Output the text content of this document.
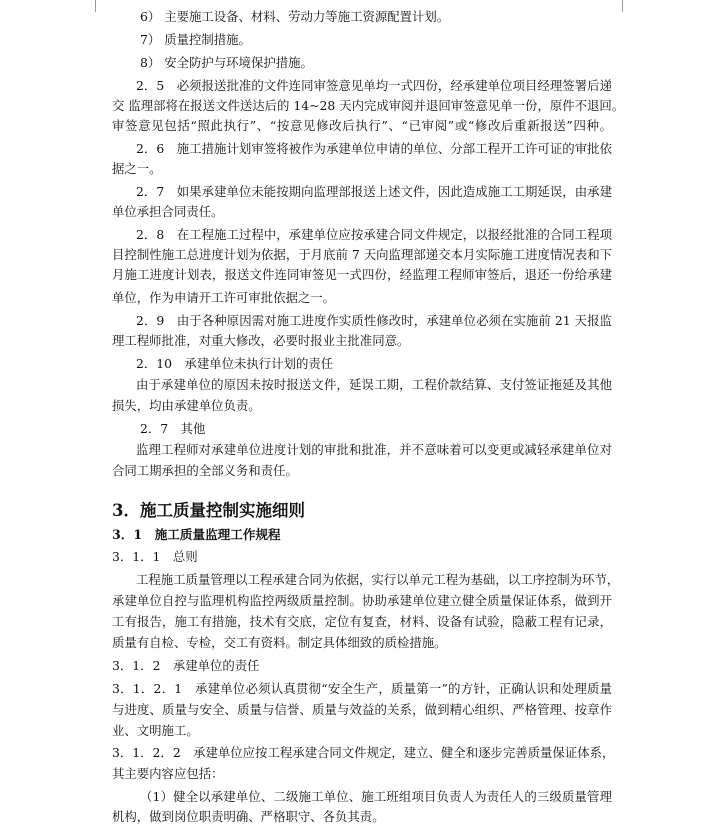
6） 主要施工设备、材料、劳动力等施工资源配置计划。
7） 质量控制措施。
8） 安全防护与环境保护措施。
2．5　必须报送批准的文件连同审签意见单均一式四份，经承建单位项目经理签署后递
交 监理部将在报送文件送达后的 14~28 天内完成审阅并退回审签意见单一份，原件不退回。
审签意见包括“照此执行”、“按意见修改后执行”、“已审阅”或“修改后重新报送”四种。
2．6　施工措施计划审签将被作为承建单位申请的单位、分部工程开工许可证的审批依
据之一。
2．7　如果承建单位未能按期向监理部报送上述文件，因此造成施工工期延误，由承建
单位承担合同责任。
2．8　在工程施工过程中，承建单位应按承建合同文件规定，以报经批准的合同工程项
目控制性施工总进度计划为依据，于月底前 7 天向监理部递交本月实际施工进度情况表和下
月施工进度计划表，报送文件连同审签见一式四份，经监理工程师审签后，退还一份给承建
单位，作为申请开工许可审批依据之一。
2．9　由于各种原因需对施工进度作实质性修改时，承建单位必须在实施前 21 天报监
理工程师批准，对重大修改，必要时报业主批准同意。
2．10　承建单位未执行计划的责任
由于承建单位的原因未按时报送文件，延误工期，工程价款结算、支付签证拖延及其他
损失，均由承建单位负责。
2．7　其他
监理工程师对承建单位进度计划的审批和批准，并不意味着可以变更或减轻承建单位对
合同工期承担的全部义务和责任。
3．施工质量控制实施细则
3．1　施工质量监理工作规程
3．1．1　总则
工程施工质量管理以工程承建合同为依据，实行以单元工程为基础，以工序控制为环节，
承建单位自控与监理机构监控两级质量控制。协助承建单位建立健全质量保证体系，做到开
工有报告，施工有措施，技术有交底，定位有复查，材料、设备有试验，隐蔽工程有记录，
质量有自检、专检，交工有资料。制定具体细致的质检措施。
3．1．2　承建单位的责任
3．1．2．1　承建单位必须认真贯彻“安全生产，质量第一”的方针，正确认识和处理质量
与进度、质量与安全、质量与信誉、质量与效益的关系，做到精心组织、严格管理、按章作
业、文明施工。
3．1．2．2　承建单位应按工程承建合同文件规定，建立、健全和逐步完善质量保证体系，
其主要内容应包括：
（1）健全以承建单位、二级施工单位、施工班组项目负责人为责任人的三级质量管理
机构，做到岗位职责明确、严格职守、各负其责。
